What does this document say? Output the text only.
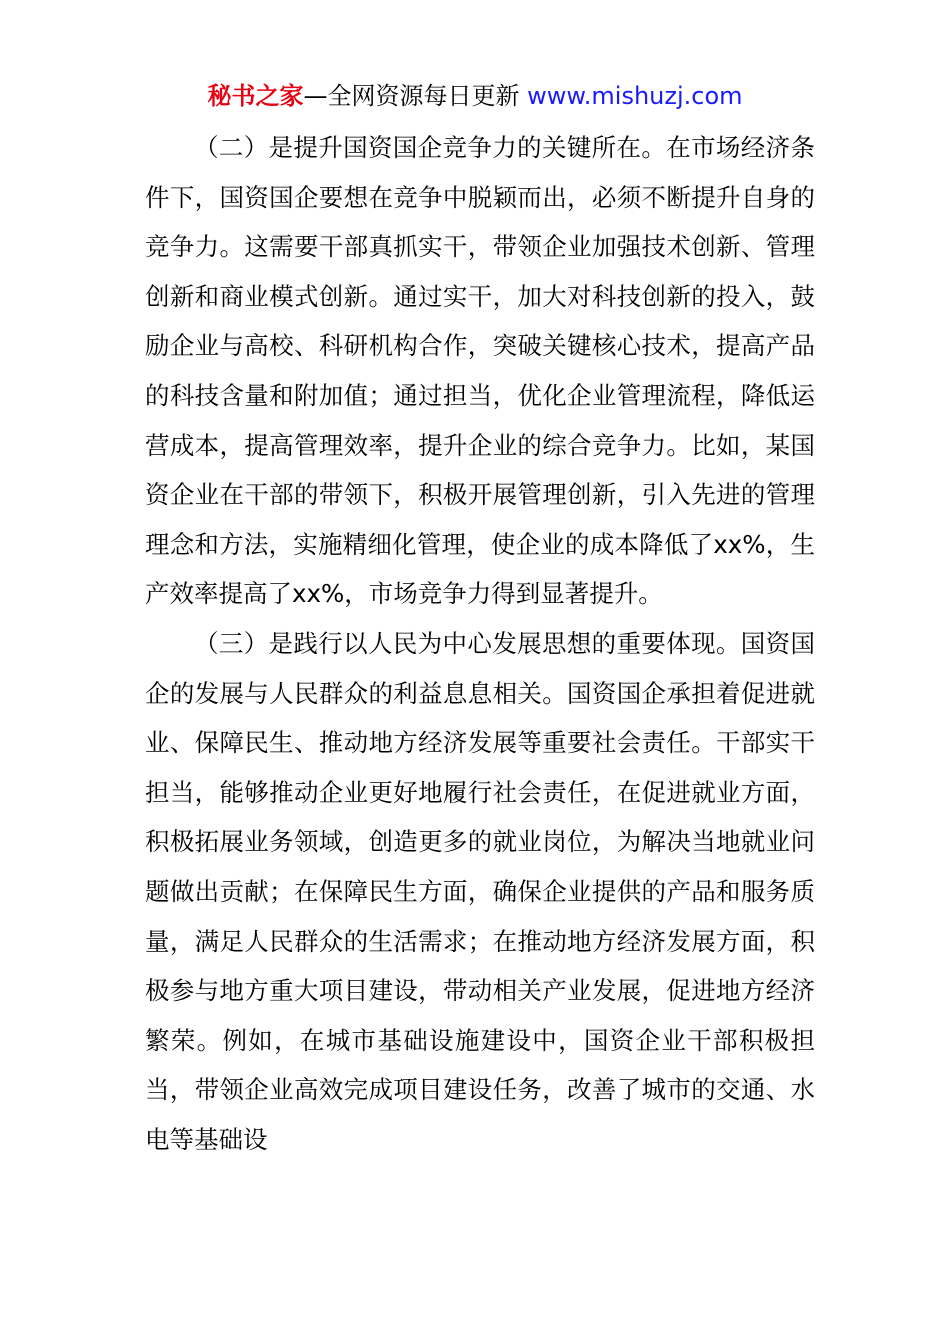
秘书之家—全网资源每日更新 www.mishuzj.com

（二）是提升国资国企竞争力的关键所在。在市场经济条件下，国资国企要想在竞争中脱颖而出，必须不断提升自身的竞争力。这需要干部真抓实干，带领企业加强技术创新、管理创新和商业模式创新。通过实干，加大对科技创新的投入，鼓励企业与高校、科研机构合作，突破关键核心技术，提高产品的科技含量和附加值；通过担当，优化企业管理流程，降低运营成本，提高管理效率，提升企业的综合竞争力。比如，某国资企业在干部的带领下，积极开展管理创新，引入先进的管理理念和方法，实施精细化管理，使企业的成本降低了xx%，生产效率提高了xx%，市场竞争力得到显著提升。

（三）是践行以人民为中心发展思想的重要体现。国资国企的发展与人民群众的利益息息相关。国资国企承担着促进就业、保障民生、推动地方经济发展等重要社会责任。干部实干担当，能够推动企业更好地履行社会责任，在促进就业方面，积极拓展业务领域，创造更多的就业岗位，为解决当地就业问题做出贡献；在保障民生方面，确保企业提供的产品和服务质量，满足人民群众的生活需求；在推动地方经济发展方面，积极参与地方重大项目建设，带动相关产业发展，促进地方经济繁荣。例如，在城市基础设施建设中，国资企业干部积极担当，带领企业高效完成项目建设任务，改善了城市的交通、水电等基础设
